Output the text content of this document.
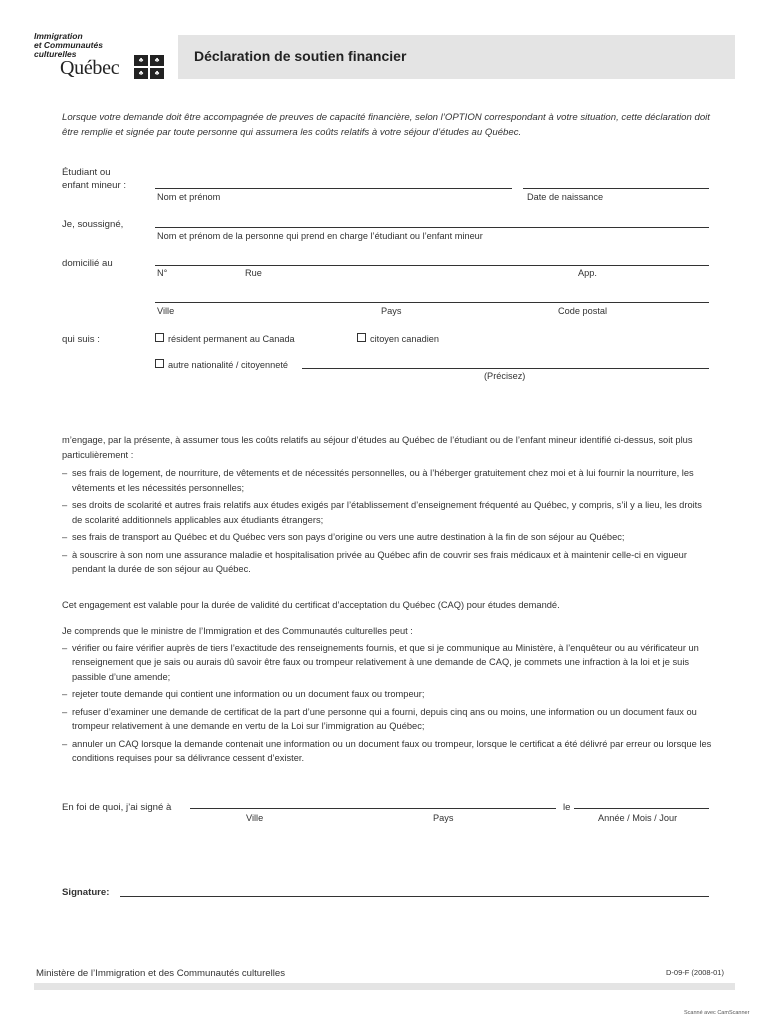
Immigration
et Communautés
culturelles
Québec	♣	♣
♣	♣
Déclaration de soutien financier
Lorsque votre demande doit être accompagnée de preuves de capacité financière, selon l’OPTION correspondant à votre situation, cette déclaration doit être remplie et signée par toute personne qui assumera les coûts relatifs à votre séjour d’études au Québec.
Étudiant ou
enfant mineur :
Nom et prénom	Date de naissance
Je, soussigné,
Nom et prénom de la personne qui prend en charge l’étudiant ou l’enfant mineur
domicilié au
N°	Rue	App.
Ville	Pays	Code postal
qui suis :	résident permanent au Canada	citoyen canadien
autre nationalité / citoyenneté
(Précisez)

m’engage, par la présente, à assumer tous les coûts relatifs au séjour d’études au Québec de l’étudiant ou de l’enfant mineur identifié ci-dessus, soit plus particulièrement :

– ses frais de logement, de nourriture, de vêtements et de nécessités personnelles, ou à l’héberger gratuitement chez moi et à lui fournir la nourriture, les vêtements et les nécessités personnelles;
– ses droits de scolarité et autres frais relatifs aux études exigés par l’établissement d’enseignement fréquenté au Québec, y compris, s’il y a lieu, les droits de scolarité additionnels applicables aux étudiants étrangers;
– ses frais de transport au Québec et du Québec vers son pays d’origine ou vers une autre destination à la fin de son séjour au Québec;
– à souscrire à son nom une assurance maladie et hospitalisation privée au Québec afin de couvrir ses frais médicaux et à maintenir celle-ci en vigueur pendant la durée de son séjour au Québec.
Cet engagement est valable pour la durée de validité du certificat d’acceptation du Québec (CAQ) pour études demandé.

Je comprends que le ministre de l’Immigration et des Communautés culturelles peut :

– vérifier ou faire vérifier auprès de tiers l’exactitude des renseignements fournis, et que si je communique au Ministère, à l’enquêteur ou au vérificateur un renseignement que je sais ou aurais dû savoir être faux ou trompeur relativement à une demande de CAQ, je commets une infraction à la loi et je suis passible d’une amende;
– rejeter toute demande qui contient une information ou un document faux ou trompeur;
– refuser d’examiner une demande de certificat de la part d’une personne qui a fourni, depuis cinq ans ou moins, une information ou un document faux ou trompeur relativement à une demande en vertu de la Loi sur l’immigration au Québec;
– annuler un CAQ lorsque la demande contenait une information ou un document faux ou trompeur, lorsque le certificat a été délivré par erreur ou lorsque les conditions requises pour sa délivrance cessent d’exister.
En foi de quoi, j’ai signé à	le
Ville	Pays	Année / Mois / Jour
Signature:
Ministère de l’Immigration et des Communautés culturelles	D-09-F (2008-01)
Scanné avec CamScanner
